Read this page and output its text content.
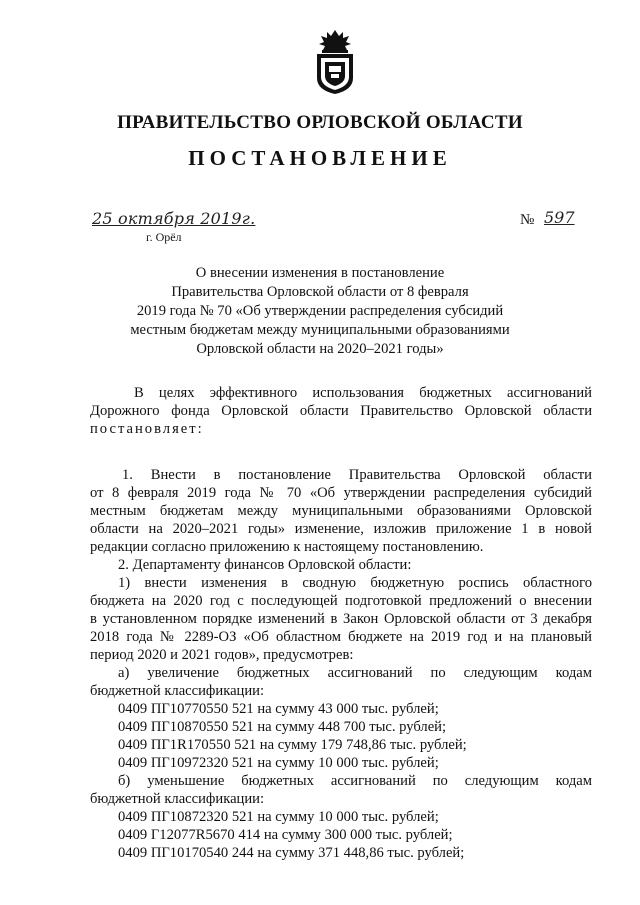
ПРАВИТЕЛЬСТВО ОРЛОВСКОЙ ОБЛАСТИ
ПОСТАНОВЛЕНИЕ
25 октября 2019г.
г. Орёл
№ 597
О внесении изменения в постановление
Правительства Орловской области от 8 февраля
2019 года № 70 «Об утверждении распределения субсидий
местным бюджетам между муниципальными образованиями
Орловской области на 2020–2021 годы»
В целях эффективного использования бюджетных ассигнований
Дорожного фонда Орловской области Правительство Орловской области
постановляет:
1. Внести в постановление Правительства Орловской области
от 8 февраля 2019 года № 70 «Об утверждении распределения субсидий
местным бюджетам между муниципальными образованиями Орловской
области на 2020–2021 годы» изменение, изложив приложение 1 в новой
редакции согласно приложению к настоящему постановлению.
2. Департаменту финансов Орловской области:
1) внести изменения в сводную бюджетную роспись областного
бюджета на 2020 год с последующей подготовкой предложений о внесении
в установленном порядке изменений в Закон Орловской области от 3 декабря
2018 года № 2289-ОЗ «Об областном бюджете на 2019 год и на плановый
период 2020 и 2021 годов», предусмотрев:
а) увеличение бюджетных ассигнований по следующим кодам
бюджетной классификации:
0409 ПГ10770550 521 на сумму 43 000 тыс. рублей;
0409 ПГ10870550 521 на сумму 448 700 тыс. рублей;
0409 ПГ1R170550 521 на сумму 179 748,86 тыс. рублей;
0409 ПГ10972320 521 на сумму 10 000 тыс. рублей;
б) уменьшение бюджетных ассигнований по следующим кодам
бюджетной классификации:
0409 ПГ10872320 521 на сумму 10 000 тыс. рублей;
0409 Г12077R5670 414 на сумму 300 000 тыс. рублей;
0409 ПГ10170540 244 на сумму 371 448,86 тыс. рублей;
